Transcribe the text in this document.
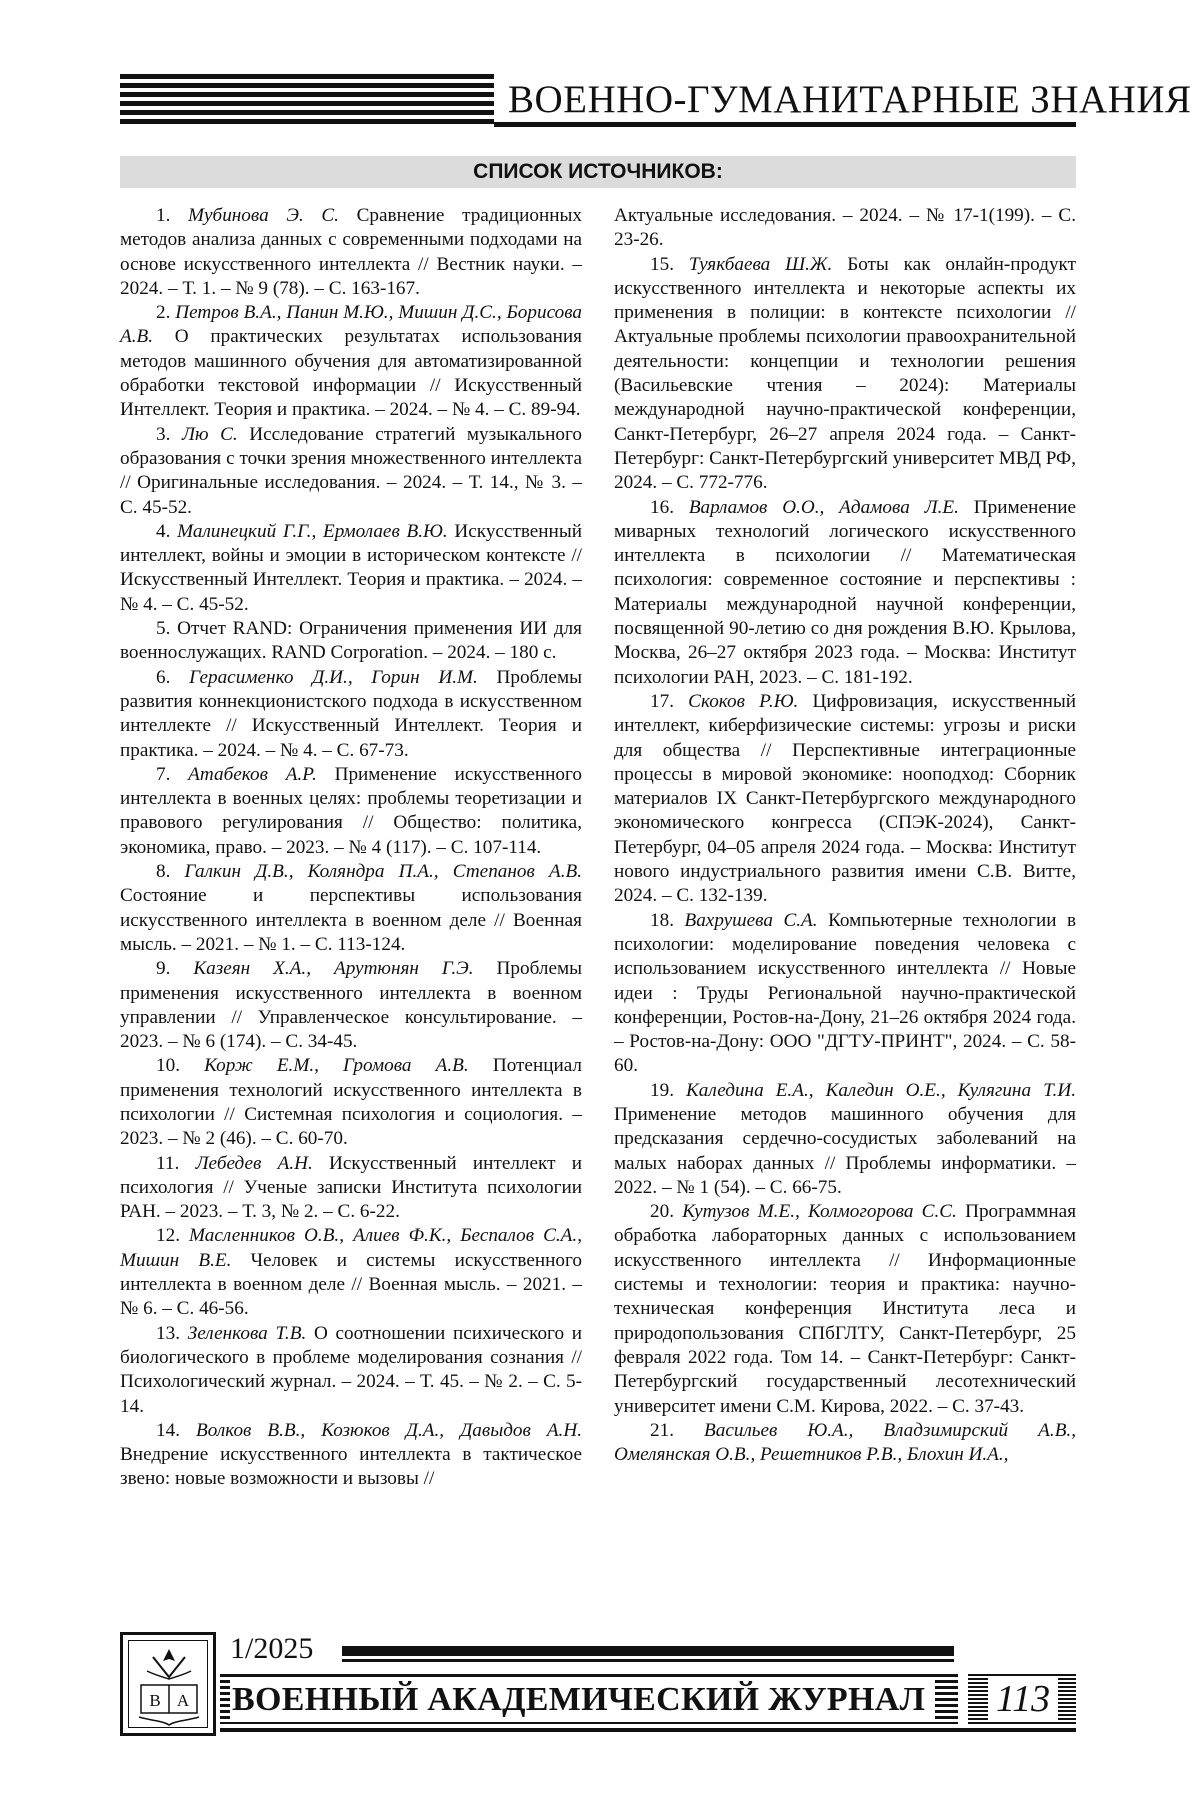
ВОЕННО-ГУМАНИТАРНЫЕ ЗНАНИЯ
СПИСОК ИСТОЧНИКОВ:

1. Мубинова Э. С. Сравнение традиционных методов анализа данных с современными подходами на основе искусственного интеллекта // Вестник науки. – 2024. – Т. 1. – № 9 (78). – С. 163-167.

2. Петров В.А., Панин М.Ю., Мишин Д.С., Борисова А.В. О практических результатах использования методов машинного обучения для автоматизированной обработки текстовой информации // Искусственный Интеллект. Теория и практика. – 2024. – № 4. – С. 89-94.

3. Лю С. Исследование стратегий музыкального образования с точки зрения множественного интеллекта // Оригинальные исследования. – 2024. – Т. 14., № 3. – С. 45-52.

4. Малинецкий Г.Г., Ермолаев В.Ю. Искусственный интеллект, войны и эмоции в историческом контексте // Искусственный Интеллект. Теория и практика. – 2024. – № 4. – С. 45-52.

5. Отчет RAND: Ограничения применения ИИ для военнослужащих. RAND Corporation. – 2024. – 180 с.

6. Герасименко Д.И., Горин И.М. Проблемы развития коннекционистского подхода в искусственном интеллекте // Искусственный Интеллект. Теория и практика. – 2024. – № 4. – С. 67-73.

7. Атабеков А.Р. Применение искусственного интеллекта в военных целях: проблемы теоретизации и правового регулирования // Общество: политика, экономика, право. – 2023. – № 4 (117). – С. 107-114.

8. Галкин Д.В., Коляндра П.А., Степанов А.В. Состояние и перспективы использования искусственного интеллекта в военном деле // Военная мысль. – 2021. – № 1. – С. 113-124.

9. Казеян Х.А., Арутюнян Г.Э. Проблемы применения искусственного интеллекта в военном управлении // Управленческое консультирование. – 2023. – № 6 (174). – С. 34-45.

10. Корж Е.М., Громова А.В. Потенциал применения технологий искусственного интеллекта в психологии // Системная психология и социология. – 2023. – № 2 (46). – С. 60-70.

11. Лебедев А.Н. Искусственный интеллект и психология // Ученые записки Института психологии РАН. – 2023. – Т. 3, № 2. – С. 6-22.

12. Масленников О.В., Алиев Ф.К., Беспалов С.А., Мишин В.Е. Человек и системы искусственного интеллекта в военном деле // Военная мысль. – 2021. – № 6. – С. 46-56.

13. Зеленкова Т.В. О соотношении психического и биологического в проблеме моделирования сознания // Психологический журнал. – 2024. – Т. 45. – № 2. – С. 5-14.

14. Волков В.В., Козюков Д.А., Давыдов А.Н. Внедрение искусственного интеллекта в тактическое звено: новые возможности и вызовы //

Актуальные исследования. – 2024. – № 17-1(199). – С. 23-26.

15. Туякбаева Ш.Ж. Боты как онлайн-продукт искусственного интеллекта и некоторые аспекты их применения в полиции: в контексте психологии // Актуальные проблемы психологии правоохранительной деятельности: концепции и технологии решения (Васильевские чтения – 2024): Материалы международной научно-практической конференции, Санкт-Петербург, 26–27 апреля 2024 года. – Санкт-Петербург: Санкт-Петербургский университет МВД РФ, 2024. – С. 772-776.

16. Варламов О.О., Адамова Л.Е. Применение миварных технологий логического искусственного интеллекта в психологии // Математическая психология: современное состояние и перспективы : Материалы международной научной конференции, посвященной 90-летию со дня рождения В.Ю. Крылова, Москва, 26–27 октября 2023 года. – Москва: Институт психологии РАН, 2023. – С. 181-192.

17. Скоков Р.Ю. Цифровизация, искусственный интеллект, киберфизические системы: угрозы и риски для общества // Перспективные интеграционные процессы в мировой экономике: нооподход: Сборник материалов IX Санкт-Петербургского международного экономического конгресса (СПЭК-2024), Санкт-Петербург, 04–05 апреля 2024 года. – Москва: Институт нового индустриального развития имени С.В. Витте, 2024. – С. 132-139.

18. Вахрушева С.А. Компьютерные технологии в психологии: моделирование поведения человека с использованием искусственного интеллекта // Новые идеи : Труды Региональной научно-практической конференции, Ростов-на-Дону, 21–26 октября 2024 года. – Ростов-на-Дону: ООО "ДГТУ-ПРИНТ", 2024. – С. 58-60.

19. Каледина Е.А., Каледин О.Е., Кулягина Т.И. Применение методов машинного обучения для предсказания сердечно-сосудистых заболеваний на малых наборах данных // Проблемы информатики. – 2022. – № 1 (54). – С. 66-75.

20. Кутузов М.Е., Колмогорова С.С. Программная обработка лабораторных данных с использованием искусственного интеллекта // Информационные системы и технологии: теория и практика: научно-техническая конференция Института леса и природопользования СПбГЛТУ, Санкт-Петербург, 25 февраля 2022 года. Том 14. – Санкт-Петербург: Санкт-Петербургский государственный лесотехнический университет имени С.М. Кирова, 2022. – С. 37-43.

21. Васильев Ю.А., Владзимирский А.В., Омелянская О.В., Решетников Р.В., Блохин И.А.,

В А
1/2025
ВОЕННЫЙ АКАДЕМИЧЕСКИЙ ЖУРНАЛ 113
